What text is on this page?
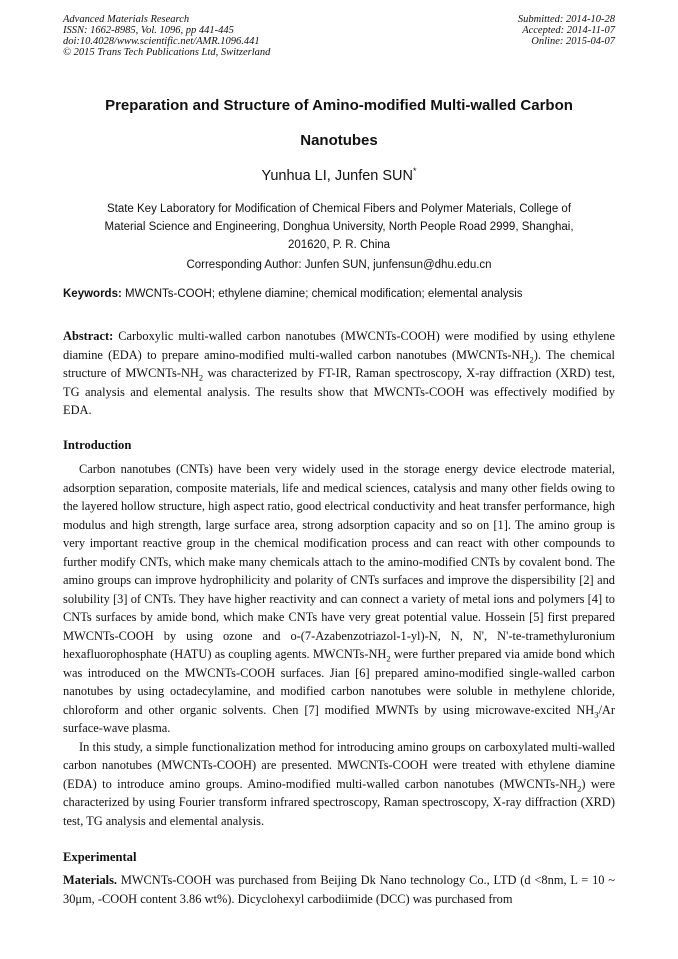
Advanced Materials Research
ISSN: 1662-8985, Vol. 1096, pp 441-445
doi:10.4028/www.scientific.net/AMR.1096.441
© 2015 Trans Tech Publications Ltd, Switzerland
Submitted: 2014-10-28
Accepted: 2014-11-07
Online: 2015-04-07
Preparation and Structure of Amino-modified Multi-walled Carbon
Nanotubes
Yunhua LI, Junfen SUN*
State Key Laboratory for Modification of Chemical Fibers and Polymer Materials, College of
Material Science and Engineering, Donghua University, North People Road 2999, Shanghai,
201620, P. R. China
Corresponding Author: Junfen SUN, junfensun@dhu.edu.cn
Keywords: MWCNTs-COOH; ethylene diamine; chemical modification; elemental analysis
Abstract: Carboxylic multi-walled carbon nanotubes (MWCNTs-COOH) were modified by using ethylene diamine (EDA) to prepare amino-modified multi-walled carbon nanotubes $(MWCNTs-NH_2)$. The chemical structure of MWCNTs-$NH_2$ was characterized by FT-IR, Raman spectroscopy, X-ray diffraction (XRD) test, TG analysis and elemental analysis. The results show that MWCNTs-COOH was effectively modified by EDA.
Introduction

Carbon nanotubes (CNTs) have been very widely used in the storage energy device electrode material, adsorption separation, composite materials, life and medical sciences, catalysis and many other fields owing to the layered hollow structure, high aspect ratio, good electrical conductivity and heat transfer performance, high modulus and high strength, large surface area, strong adsorption capacity and so on [1]. The amino group is very important reactive group in the chemical modification process and can react with other compounds to further modify CNTs, which make many chemicals attach to the amino-modified CNTs by covalent bond. The amino groups can improve hydrophilicity and polarity of CNTs surfaces and improve the dispersibility [2] and solubility [3] of CNTs. They have higher reactivity and can connect a variety of metal ions and polymers [4] to CNTs surfaces by amide bond, which make CNTs have very great potential value. Hossein [5] first prepared MWCNTs-COOH by using ozone and o-(7-Azabenzotriazol-1-yl)-N, N, N', N'-te-tramethyluronium hexafluorophosphate (HATU) as coupling agents. MWCNTs-$NH_2$ were further prepared via amide bond which was introduced on the MWCNTs-COOH surfaces. Jian [6] prepared amino-modified single-walled carbon nanotubes by using octadecylamine, and modified carbon nanotubes were soluble in methylene chloride, chloroform and other organic solvents. Chen [7] modified MWNTs by using microwave-excited $NH_3/Ar$ surface-wave plasma.

In this study, a simple functionalization method for introducing amino groups on carboxylated multi-walled carbon nanotubes (MWCNTs-COOH) are presented. MWCNTs-COOH were treated with ethylene diamine (EDA) to introduce amino groups. Amino-modified multi-walled carbon nanotubes $(MWCNTs-NH_2)$ were characterized by using Fourier transform infrared spectroscopy, Raman spectroscopy, X-ray diffraction (XRD) test, TG analysis and elemental analysis.

Experimental

Materials. MWCNTs-COOH was purchased from Beijing Dk Nano technology Co., LTD (d <8nm, L = 10 ~ 30μm, -COOH content 3.86 wt%). Dicyclohexyl carbodiimide (DCC) was purchased from
